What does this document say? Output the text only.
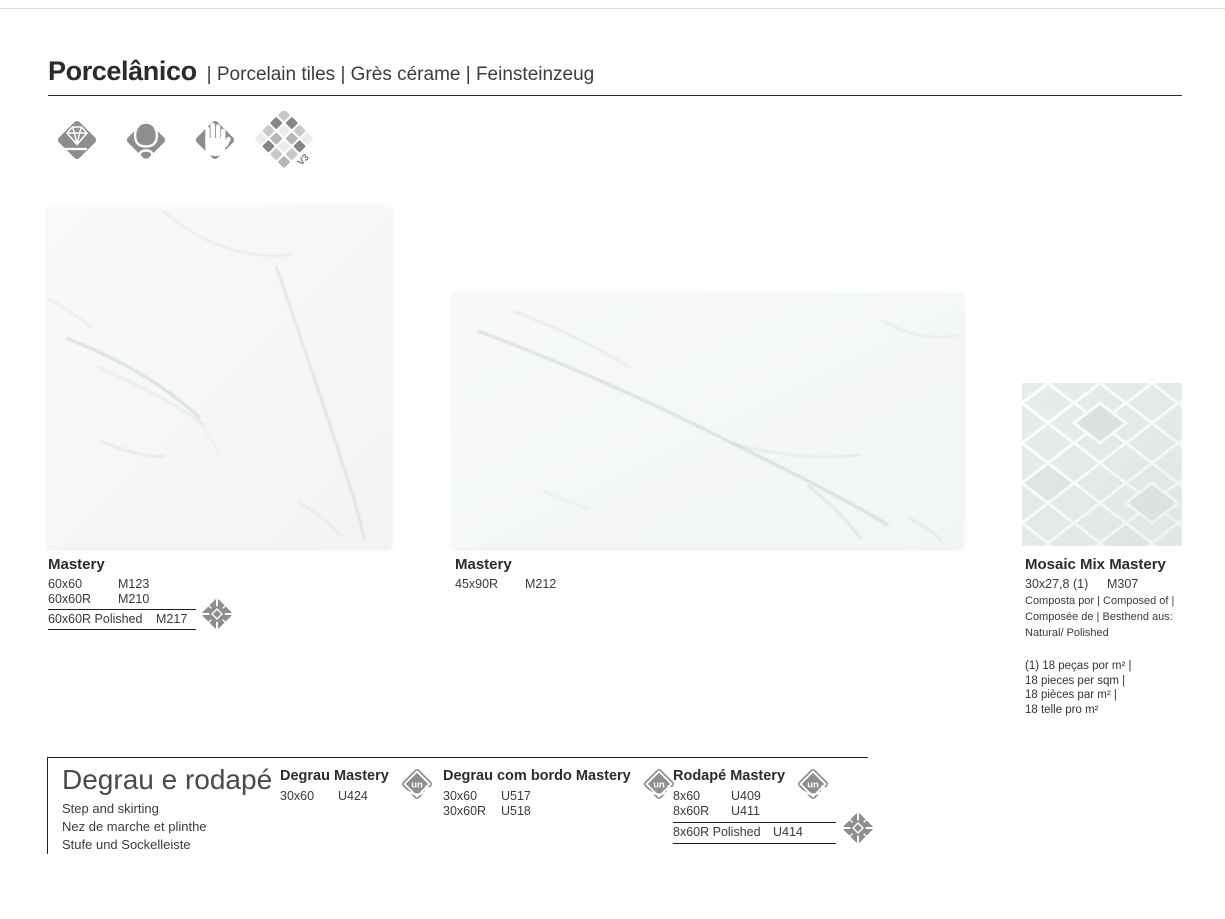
Porcelânico | Porcelain tiles | Grès cérame | Feinsteinzeug
R	V3
Mastery
60x60	M123
60x60R	M210
60x60R Polished	M217
Mastery
45x90R	M212
Mosaic Mix Mastery
30x27,8 (1)	M307
Composta por | Composed of |
Composée de | Besthend aus:
Natural/ Polished
(1) 18 peças por m² |
18 pieces per sqm |
18 pièces par m² |
18 telle pro m²
Degrau e rodapé
Step and skirting
Nez de marche et plinthe
Stufe und Sockelleiste
Degrau Mastery
un
30x60	U424
Degrau com bordo Mastery
un
30x60	U517
30x60R	U518
Rodapé Mastery
un
8x60	U409
8x60R	U411
8x60R Polished U414
